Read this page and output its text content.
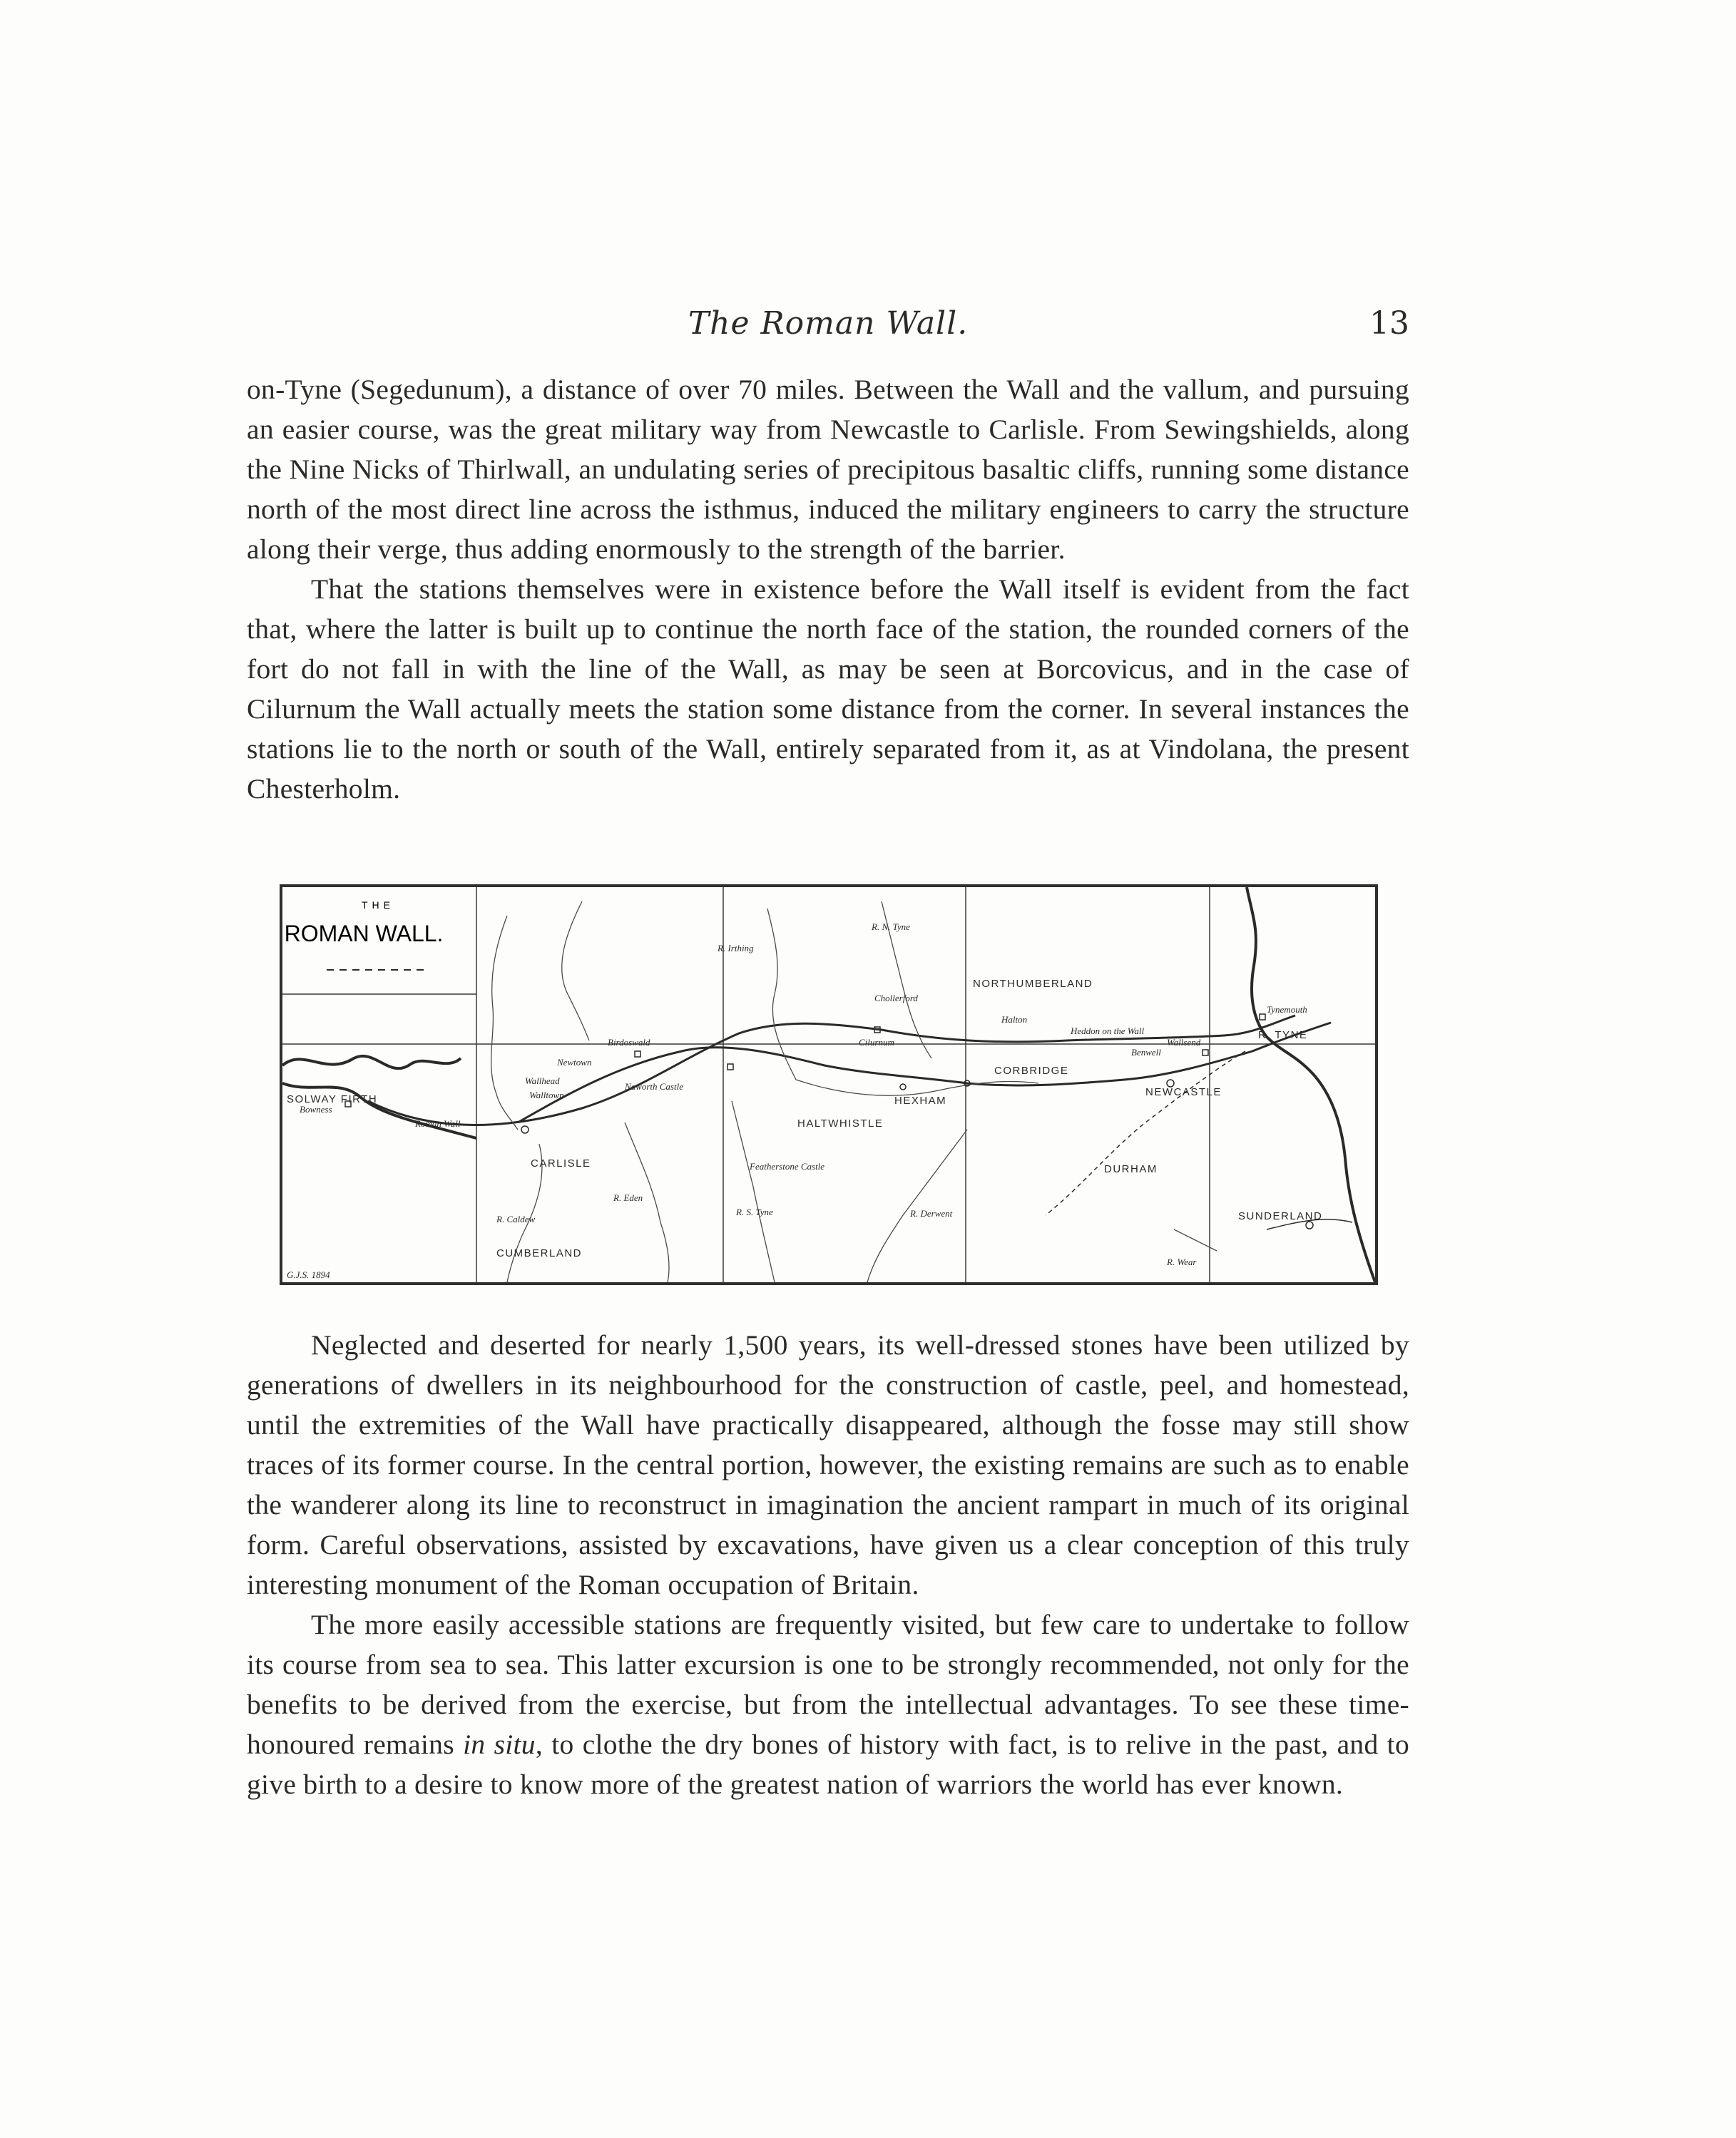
The Roman Wall.	13

on-Tyne (Segedunum), a distance of over 70 miles. Between the Wall and the vallum, and pursuing an easier course, was the great military way from Newcastle to Carlisle. From Sewingshields, along the Nine Nicks of Thirlwall, an undulating series of precipitous basaltic cliffs, running some distance north of the most direct line across the isthmus, induced the military engineers to carry the structure along their verge, thus adding enormously to the strength of the barrier.

That the stations themselves were in existence before the Wall itself is evident from the fact that, where the latter is built up to continue the north face of the station, the rounded corners of the fort do not fall in with the line of the Wall, as may be seen at Borcovicus, and in the case of Cilurnum the Wall actually meets the station some distance from the corner. In several instances the stations lie to the north or south of the Wall, entirely separated from it, as at Vindolana, the present Chesterholm.

THE
ROMAN WALL.
NORTHUMBERLAND
DURHAM
CUMBERLAND
SOLWAY FIRTH
CARLISLE
NEWCASTLE
SUNDERLAND
HEXHAM
CORBRIDGE
HALTWHISTLE
R. TYNE
Tynemouth
Wallsend
Newtown
Walltown
Wallhead
Naworth Castle
Roman Wall
Featherstone Castle
Chollerford
Cilurnum
Heddon on the Wall
Halton
Benwell
Birdoswald
Bowness
R. Eden
R. Caldew
R. Derwent
R. Wear
R. N. Tyne
R. S. Tyne
R. Irthing
G.J.S. 1894

Neglected and deserted for nearly 1,500 years, its well-dressed stones have been utilized by generations of dwellers in its neighbourhood for the construction of castle, peel, and homestead, until the extremities of the Wall have practically disappeared, although the fosse may still show traces of its former course. In the central portion, however, the existing remains are such as to enable the wanderer along its line to reconstruct in imagination the ancient rampart in much of its original form. Careful observations, assisted by excavations, have given us a clear conception of this truly interesting monument of the Roman occupation of Britain.

The more easily accessible stations are frequently visited, but few care to undertake to follow its course from sea to sea. This latter excursion is one to be strongly recommended, not only for the benefits to be derived from the exercise, but from the intellectual advantages. To see these time-honoured remains in situ, to clothe the dry bones of history with fact, is to relive in the past, and to give birth to a desire to know more of the greatest nation of warriors the world has ever known.
